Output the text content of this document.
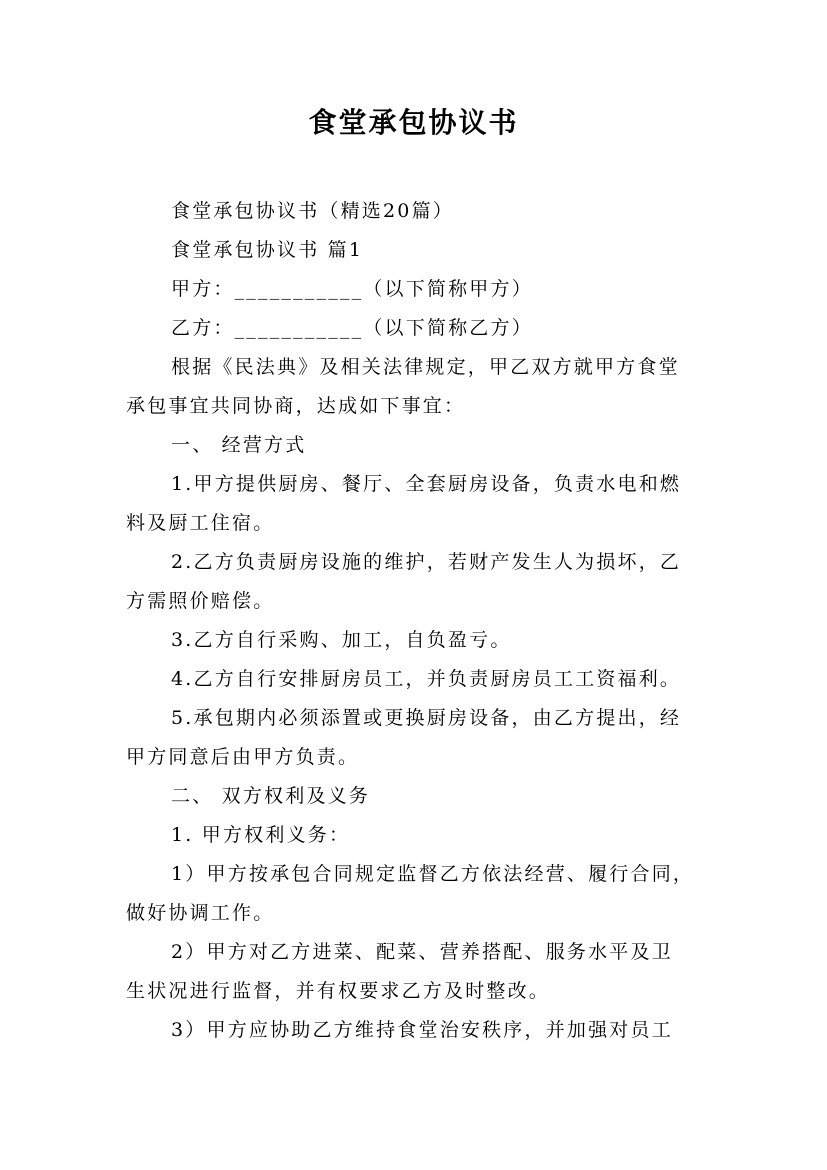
食堂承包协议书
食堂承包协议书（精选20篇）
食堂承包协议书 篇1
甲方：___________（以下简称甲方）
乙方：___________（以下简称乙方）
根据《民法典》及相关法律规定，甲乙双方就甲方食堂
承包事宜共同协商，达成如下事宜：
一、 经营方式
1.甲方提供厨房、餐厅、全套厨房设备，负责水电和燃
料及厨工住宿。
2.乙方负责厨房设施的维护，若财产发生人为损坏，乙
方需照价赔偿。
3.乙方自行采购、加工，自负盈亏。
4.乙方自行安排厨房员工，并负责厨房员工工资福利。
5.承包期内必须添置或更换厨房设备，由乙方提出，经
甲方同意后由甲方负责。
二、 双方权利及义务
1. 甲方权利义务：
1）甲方按承包合同规定监督乙方依法经营、履行合同，
做好协调工作。
2）甲方对乙方进菜、配菜、营养搭配、服务水平及卫
生状况进行监督，并有权要求乙方及时整改。
3）甲方应协助乙方维持食堂治安秩序，并加强对员工
